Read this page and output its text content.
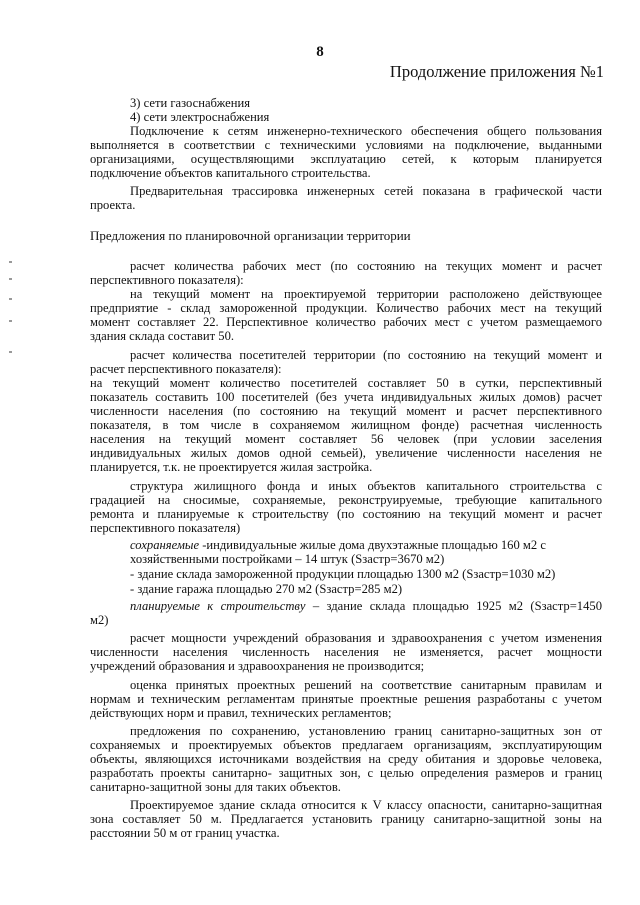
8
Продолжение приложения №1
3) сети газоснабжения
4) сети электроснабжения
Подключение к сетям инженерно-технического обеспечения общего пользования
выполняется в соответствии с техническими условиями на подключение, выданными
организациями, осуществляющими эксплуатацию сетей, к которым планируется
подключение объектов капитального строительства.
Предварительная трассировка инженерных сетей показана в графической части
проекта.
Предложения по планировочной организации территории
расчет количества рабочих мест (по состоянию на текущих момент и расчет
перспективного показателя):
на текущий момент на проектируемой территории расположено действующее
предприятие - склад замороженной продукции. Количество рабочих мест на текущий
момент составляет 22. Перспективное количество рабочих мест с учетом размещаемого
здания склада составит 50.
расчет количества посетителей территории (по состоянию на текущий момент и
расчет перспективного показателя):
на текущий момент количество посетителей составляет 50 в сутки, перспективный
показатель составить 100 посетителей (без учета индивидуальных жилых домов) расчет
численности населения (по состоянию на текущий момент и расчет перспективного
показателя, в том числе в сохраняемом жилищном фонде) расчетная численность
населения на текущий момент составляет 56 человек (при условии заселения
индивидуальных жилых домов одной семьей), увеличение численности населения не
планируется, т.к. не проектируется жилая застройка.
структура жилищного фонда и иных объектов капитального строительства с
градацией на сносимые, сохраняемые, реконструируемые, требующие капитального
ремонта и планируемые к строительству (по состоянию на текущий момент и расчет
перспективного показателя)
сохраняемые -индивидуальные жилые дома двухэтажные площадью 160 м2 с
хозяйственными постройками – 14 штук (Sзастр=3670 м2)
- здание склада замороженной продукции площадью 1300 м2 (Sзастр=1030 м2)
- здание гаража площадью 270 м2 (Sзастр=285 м2)
планируемые к строительству – здание склада площадью 1925 м2 (Sзастр=1450
м2)
расчет мощности учреждений образования и здравоохранения с учетом изменения
численности населения численность населения не изменяется, расчет мощности
учреждений образования и здравоохранения не производится;
оценка принятых проектных решений на соответствие санитарным правилам и
нормам и техническим регламентам принятые проектные решения разработаны с учетом
действующих норм и правил, технических регламентов;
предложения по сохранению, установлению границ санитарно-защитных зон от
сохраняемых и проектируемых объектов предлагаем организациям, эксплуатирующим
объекты, являющихся источниками воздействия на среду обитания и здоровье человека,
разработать проекты санитарно- защитных зон, с целью определения размеров и границ
санитарно-защитной зоны для таких объектов.
Проектируемое здание склада относится к V классу опасности, санитарно-защитная
зона составляет 50 м. Предлагается установить границу санитарно-защитной зоны на
расстоянии 50 м от границ участка.
